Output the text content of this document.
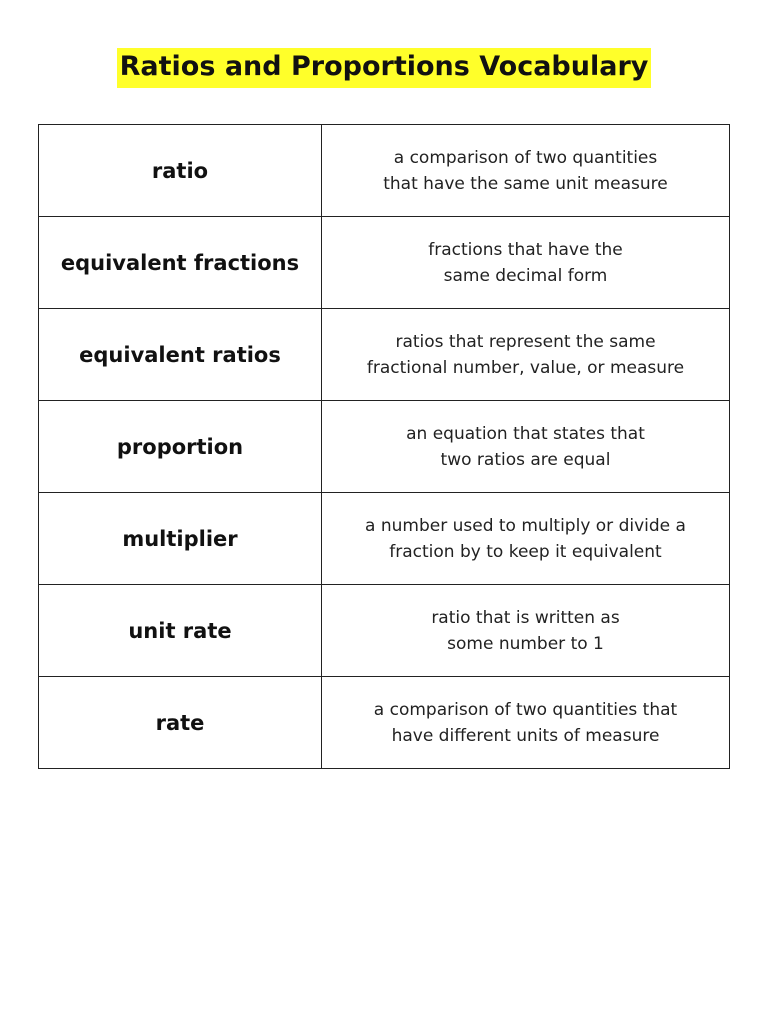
Ratios and Proportions Vocabulary
ratio	a comparison of two quantities
that have the same unit measure

equivalent fractions	fractions that have the
same decimal form

equivalent ratios	ratios that represent the same
fractional number, value, or measure

proportion	an equation that states that
two ratios are equal

multiplier	a number used to multiply or divide a
fraction by to keep it equivalent

unit rate	ratio that is written as
some number to 1

rate	a comparison of two quantities that
have different units of measure
